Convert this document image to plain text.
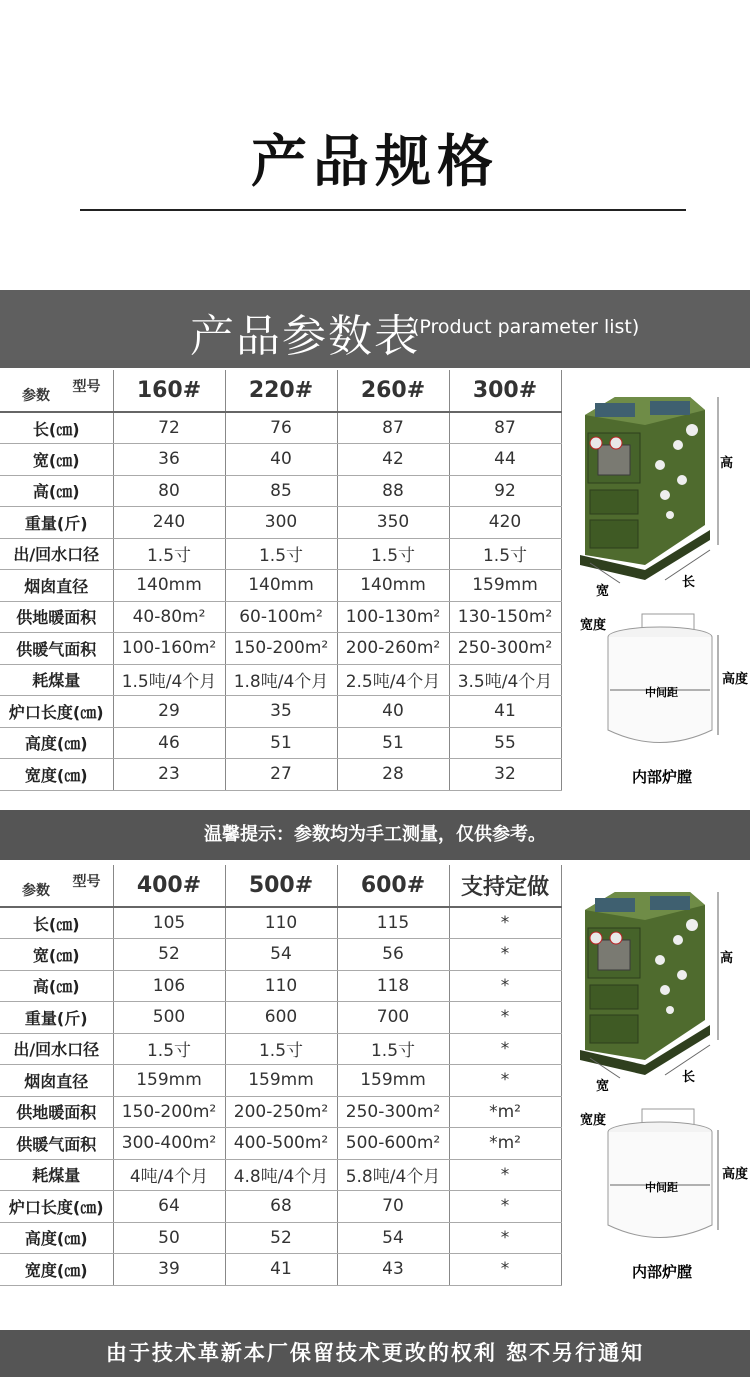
产品规格
产品参数表
(Product parameter list)
型号
参数	160#	220#	260#	300#
长(㎝)	72	76	87	87
宽(㎝)	36	40	42	44
高(㎝)	80	85	88	92
重量(斤)	240	300	350	420
出/回水口径	1.5寸	1.5寸	1.5寸	1.5寸
烟囱直径	140mm	140mm	140mm	159mm
供地暖面积	40-80m²	60-100m²	100-130m²	130-150m²
供暖气面积	100-160m²	150-200m²	200-260m²	250-300m²
耗煤量	1.5吨/4个月	1.8吨/4个月	2.5吨/4个月	3.5吨/4个月
炉口长度(㎝)	29	35	40	41
高度(㎝)	46	51	51	55
宽度(㎝)	23	27	28	32
高
宽
长
宽度
中间距
高度
内部炉膛
温馨提示：参数均为手工测量，仅供参考。
型号
参数	400#	500#	600#	支持定做
长(㎝)	105	110	115	*
宽(㎝)	52	54	56	*
高(㎝)	106	110	118	*
重量(斤)	500	600	700	*
出/回水口径	1.5寸	1.5寸	1.5寸	*
烟囱直径	159mm	159mm	159mm	*
供地暖面积	150-200m²	200-250m²	250-300m²	*m²
供暖气面积	300-400m²	400-500m²	500-600m²	*m²
耗煤量	4吨/4个月	4.8吨/4个月	5.8吨/4个月	*
炉口长度(㎝)	64	68	70	*
高度(㎝)	50	52	54	*
宽度(㎝)	39	41	43	*
高
宽
长
宽度
中间距
高度
内部炉膛
由于技术革新本厂保留技术更改的权利 恕不另行通知
